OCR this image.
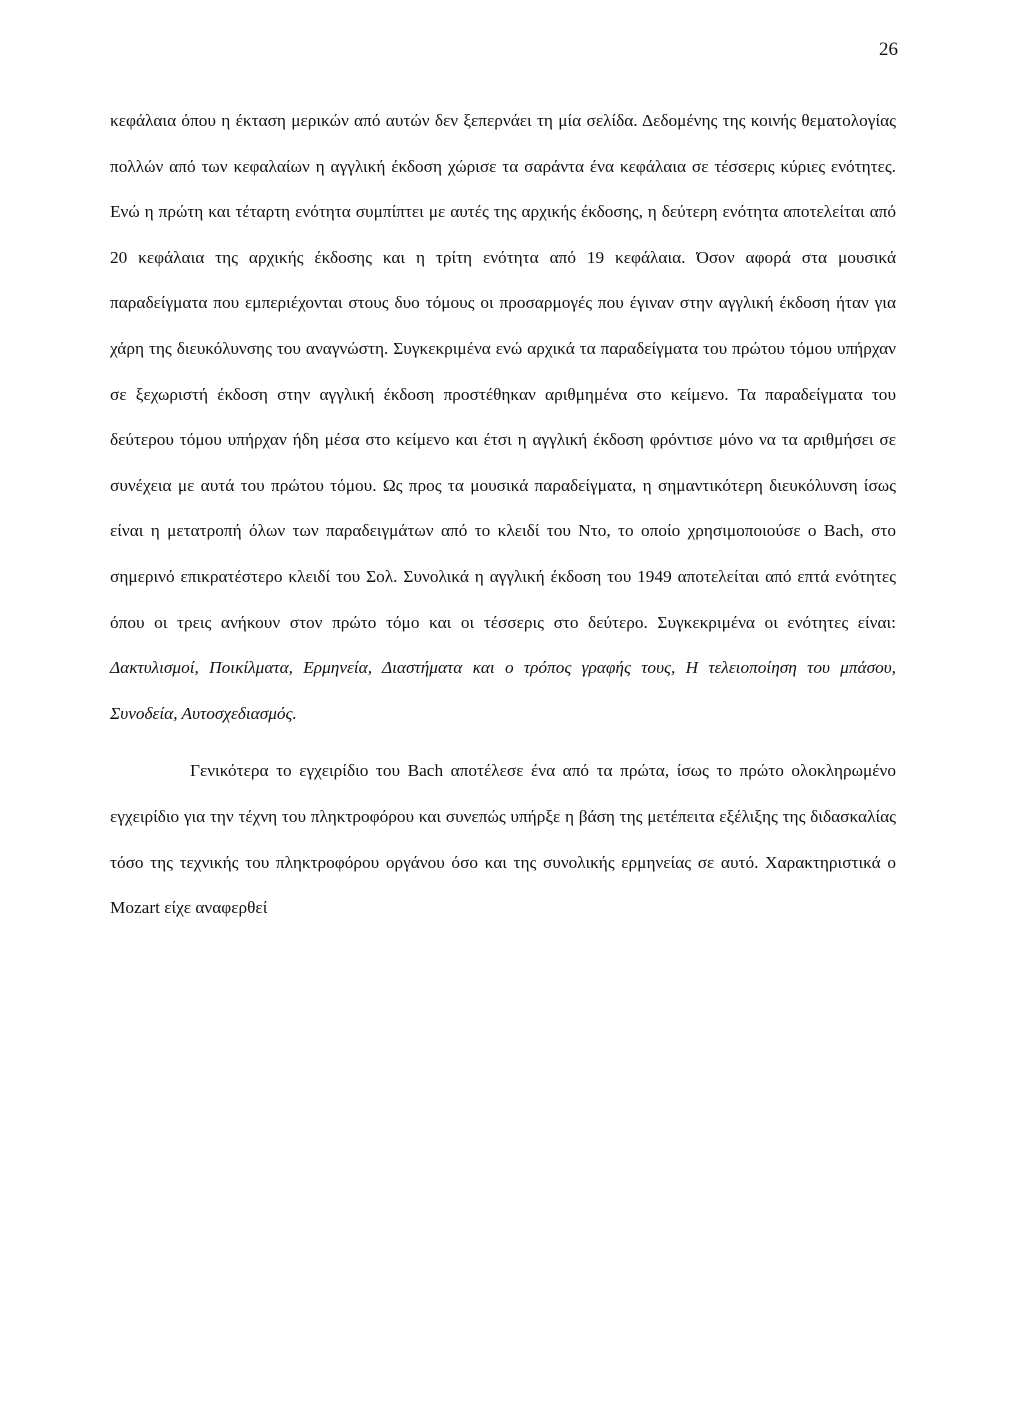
26

κεφάλαια όπου η έκταση μερικών από αυτών δεν ξεπερνάει τη μία σελίδα. Δεδομένης της κοινής θεματολογίας πολλών από των κεφαλαίων η αγγλική έκδοση χώρισε τα σαράντα ένα κεφάλαια σε τέσσερις κύριες ενότητες. Ενώ η πρώτη και τέταρτη ενότητα συμπίπτει με αυτές της αρχικής έκδοσης, η δεύτερη ενότητα αποτελείται από 20 κεφάλαια της αρχικής έκδοσης και η τρίτη ενότητα από 19 κεφάλαια. Όσον αφορά στα μουσικά παραδείγματα που εμπεριέχονται στους δυο τόμους οι προσαρμογές που έγιναν στην αγγλική έκδοση ήταν για χάρη της διευκόλυνσης του αναγνώστη. Συγκεκριμένα ενώ αρχικά τα παραδείγματα του πρώτου τόμου υπήρχαν σε ξεχωριστή έκδοση στην αγγλική έκδοση προστέθηκαν αριθμημένα στο κείμενο. Τα παραδείγματα του δεύτερου τόμου υπήρχαν ήδη μέσα στο κείμενο και έτσι η αγγλική έκδοση φρόντισε μόνο να τα αριθμήσει σε συνέχεια με αυτά του πρώτου τόμου. Ως προς τα μουσικά παραδείγματα, η σημαντικότερη διευκόλυνση ίσως είναι η μετατροπή όλων των παραδειγμάτων από το κλειδί του Ντο, το οποίο χρησιμοποιούσε ο Bach, στο σημερινό επικρατέστερο κλειδί του Σολ. Συνολικά η αγγλική έκδοση του 1949 αποτελείται από επτά ενότητες όπου οι τρεις ανήκουν στον πρώτο τόμο και οι τέσσερις στο δεύτερο. Συγκεκριμένα οι ενότητες είναι: Δακτυλισμοί, Ποικίλματα, Ερμηνεία, Διαστήματα και ο τρόπος γραφής τους, Η τελειοποίηση του μπάσου, Συνοδεία, Αυτοσχεδιασμός.

Γενικότερα το εγχειρίδιο του Bach αποτέλεσε ένα από τα πρώτα, ίσως το πρώτο ολοκληρωμένο εγχειρίδιο για την τέχνη του πληκτροφόρου και συνεπώς υπήρξε η βάση της μετέπειτα εξέλιξης της διδασκαλίας τόσο της τεχνικής του πληκτροφόρου οργάνου όσο και της συνολικής ερμηνείας σε αυτό. Χαρακτηριστικά ο Mozart είχε αναφερθεί
